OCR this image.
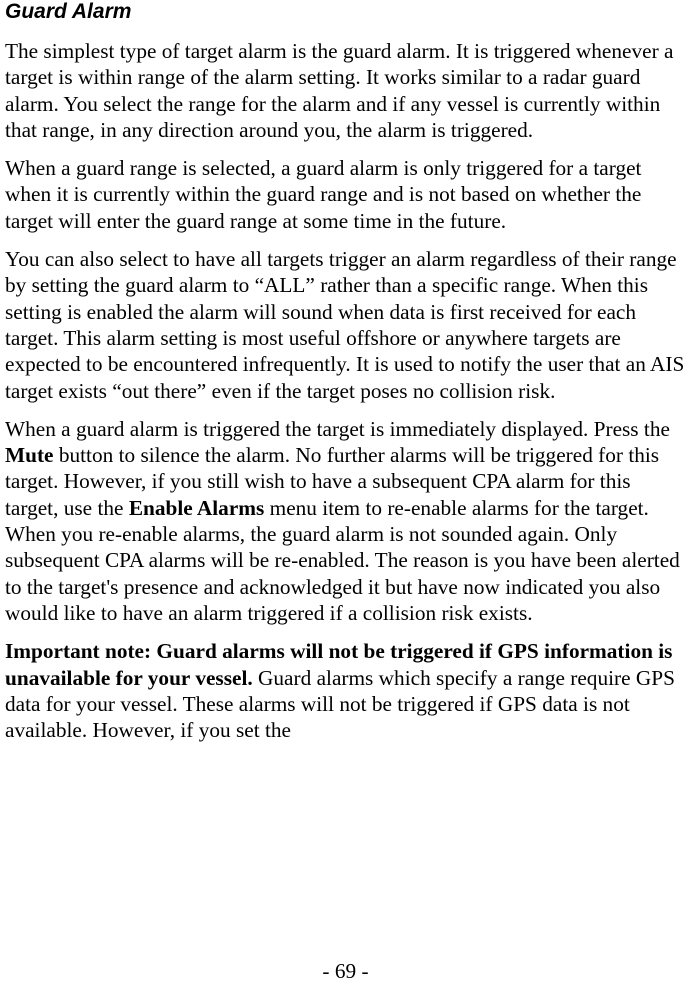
Guard Alarm

The simplest type of target alarm is the guard alarm. It is triggered whenever a target is within range of the alarm setting. It works similar to a radar guard alarm. You select the range for the alarm and if any vessel is currently within that range, in any direction around you, the alarm is triggered.

When a guard range is selected, a guard alarm is only triggered for a target when it is currently within the guard range and is not based on whether the target will enter the guard range at some time in the future.

You can also select to have all targets trigger an alarm regardless of their range by setting the guard alarm to “ALL” rather than a specific range. When this setting is enabled the alarm will sound when data is first received for each target. This alarm setting is most useful offshore or anywhere targets are expected to be encountered infrequently. It is used to notify the user that an AIS target exists “out there” even if the target poses no collision risk.

When a guard alarm is triggered the target is immediately displayed. Press the Mute button to silence the alarm. No further alarms will be triggered for this target. However, if you still wish to have a subsequent CPA alarm for this target, use the Enable Alarms menu item to re-enable alarms for the target. When you re-enable alarms, the guard alarm is not sounded again. Only subsequent CPA alarms will be re-enabled. The reason is you have been alerted to the target's presence and acknowledged it but have now indicated you also would like to have an alarm triggered if a collision risk exists.

Important note: Guard alarms will not be triggered if GPS information is unavailable for your vessel. Guard alarms which specify a range require GPS data for your vessel. These alarms will not be triggered if GPS data is not available. However, if you set the

- 69 -
